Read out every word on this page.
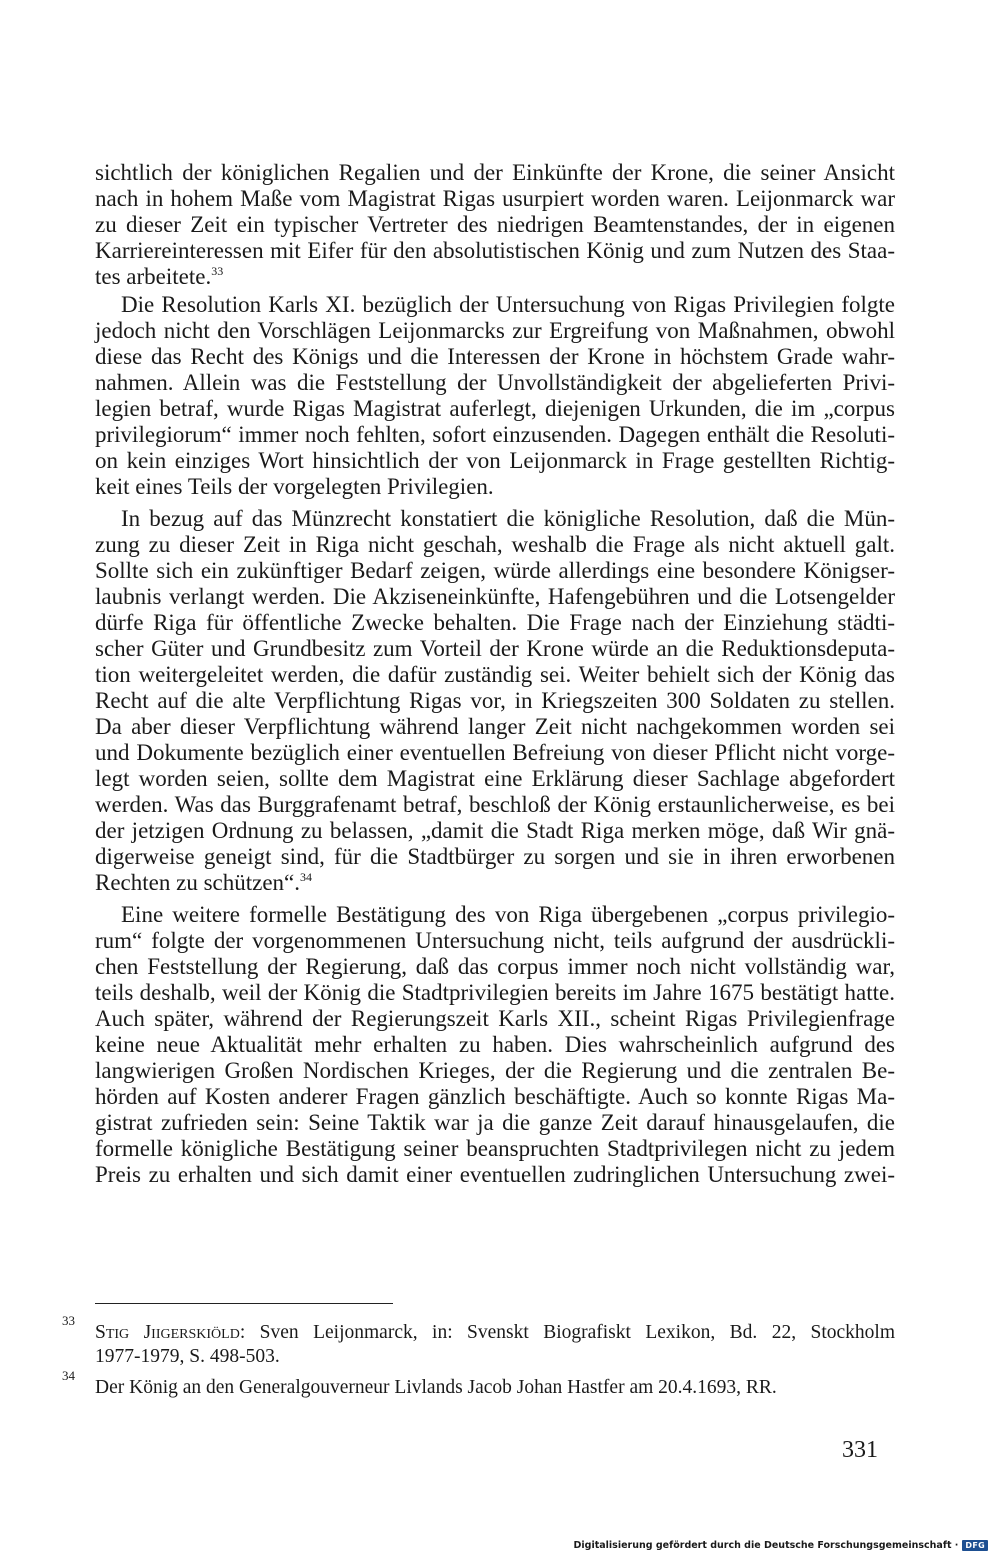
sichtlich der königlichen Regalien und der Einkünfte der Krone, die seiner Ansicht
nach in hohem Maße vom Magistrat Rigas usurpiert worden waren. Leijonmarck war
zu dieser Zeit ein typischer Vertreter des niedrigen Beamtenstandes, der in eigenen
Karriereinteressen mit Eifer für den absolutistischen König und zum Nutzen des Staa-
tes arbeitete.$^{33}$
Die Resolution Karls XI. bezüglich der Untersuchung von Rigas Privilegien folgte
jedoch nicht den Vorschlägen Leijonmarcks zur Ergreifung von Maßnahmen, obwohl
diese das Recht des Königs und die Interessen der Krone in höchstem Grade wahr-
nahmen. Allein was die Feststellung der Unvollständigkeit der abgelieferten Privi-
legien betraf, wurde Rigas Magistrat auferlegt, diejenigen Urkunden, die im „corpus
privilegiorum“ immer noch fehlten, sofort einzusenden. Dagegen enthält die Resoluti-
on kein einziges Wort hinsichtlich der von Leijonmarck in Frage gestellten Richtig-
keit eines Teils der vorgelegten Privilegien.
In bezug auf das Münzrecht konstatiert die königliche Resolution, daß die Mün-
zung zu dieser Zeit in Riga nicht geschah, weshalb die Frage als nicht aktuell galt.
Sollte sich ein zukünftiger Bedarf zeigen, würde allerdings eine besondere Königser-
laubnis verlangt werden. Die Akziseneinkünfte, Hafengebühren und die Lotsengelder
dürfe Riga für öffentliche Zwecke behalten. Die Frage nach der Einziehung städti-
scher Güter und Grundbesitz zum Vorteil der Krone würde an die Reduktionsdeputa-
tion weitergeleitet werden, die dafür zuständig sei. Weiter behielt sich der König das
Recht auf die alte Verpflichtung Rigas vor, in Kriegszeiten 300 Soldaten zu stellen.
Da aber dieser Verpflichtung während langer Zeit nicht nachgekommen worden sei
und Dokumente bezüglich einer eventuellen Befreiung von dieser Pflicht nicht vorge-
legt worden seien, sollte dem Magistrat eine Erklärung dieser Sachlage abgefordert
werden. Was das Burggrafenamt betraf, beschloß der König erstaunlicherweise, es bei
der jetzigen Ordnung zu belassen, „damit die Stadt Riga merken möge, daß Wir gnä-
digerweise geneigt sind, für die Stadtbürger zu sorgen und sie in ihren erworbenen
Rechten zu schützen“.$^{34}$
Eine weitere formelle Bestätigung des von Riga übergebenen „corpus privilegio-
rum“ folgte der vorgenommenen Untersuchung nicht, teils aufgrund der ausdrückli-
chen Feststellung der Regierung, daß das corpus immer noch nicht vollständig war,
teils deshalb, weil der König die Stadtprivilegien bereits im Jahre 1675 bestätigt hatte.
Auch später, während der Regierungszeit Karls XII., scheint Rigas Privilegienfrage
keine neue Aktualität mehr erhalten zu haben. Dies wahrscheinlich aufgrund des
langwierigen Großen Nordischen Krieges, der die Regierung und die zentralen Be-
hörden auf Kosten anderer Fragen gänzlich beschäftigte. Auch so konnte Rigas Ma-
gistrat zufrieden sein: Seine Taktik war ja die ganze Zeit darauf hinausgelaufen, die
formelle königliche Bestätigung seiner beanspruchten Stadtprivilegen nicht zu jedem
Preis zu erhalten und sich damit einer eventuellen zudringlichen Untersuchung zwei-
33
Stig Jiigerskiöld: Sven Leijonmarck, in: Svenskt Biografiskt Lexikon, Bd. 22, Stockholm
1977-1979, S. 498-503.
34
Der König an den Generalgouverneur Livlands Jacob Johan Hastfer am 20.4.1693, RR.
331
Digitalisierung gefördert durch die Deutsche Forschungsgemeinschaft · DFG
